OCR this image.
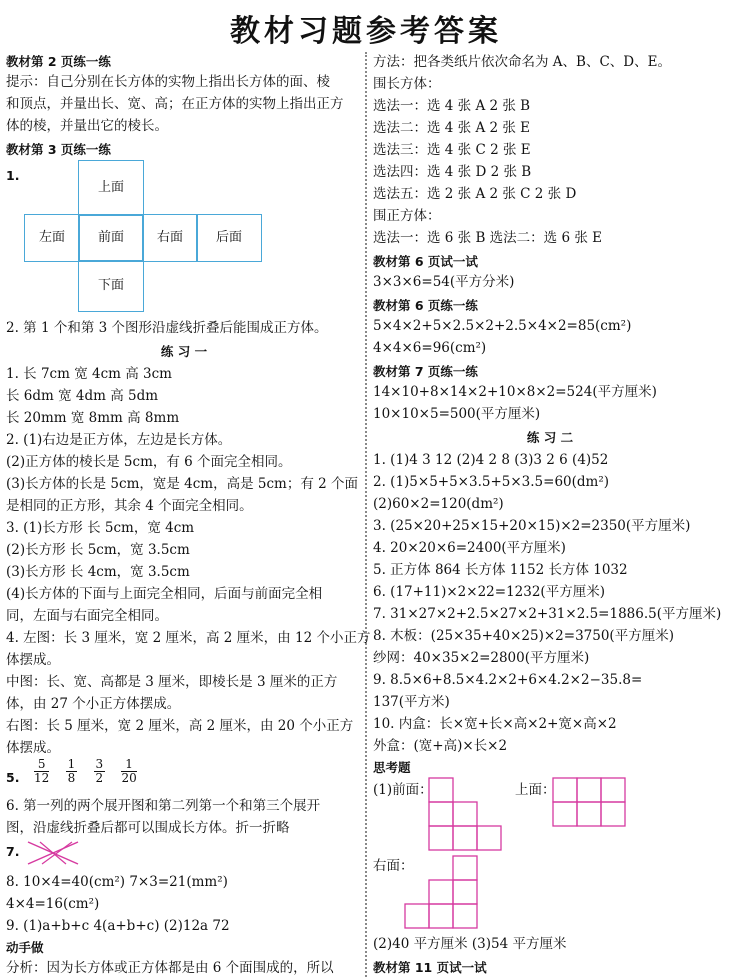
教材习题参考答案
教材第 2 页练一练
提示：自己分别在长方体的实物上指出长方体的面、棱
和顶点，并量出长、宽、高；在正方体的实物上指出正方
体的棱，并量出它的棱长。
教材第 3 页练一练
1.
上面
左面	前面	右面	后面
下面
2. 第 1 个和第 3 个图形沿虚线折叠后能围成正方体。
练 习 一
1. 长 7cm 宽 4cm 高 3cm
长 6dm 宽 4dm 高 5dm
长 20mm 宽 8mm 高 8mm
2. (1)右边是正方体，左边是长方体。
(2)正方体的棱长是 5cm，有 6 个面完全相同。
(3)长方体的长是 5cm，宽是 4cm，高是 5cm；有 2 个面
是相同的正方形，其余 4 个面完全相同。
3. (1)长方形 长 5cm，宽 4cm
(2)长方形 长 5cm，宽 3.5cm
(3)长方形 长 4cm，宽 3.5cm
(4)长方体的下面与上面完全相同，后面与前面完全相
同，左面与右面完全相同。
4. 左图：长 3 厘米，宽 2 厘米，高 2 厘米，由 12 个小正方
体摆成。
中图：长、宽、高都是 3 厘米，即棱长是 3 厘米的正方
体，由 27 个小正方体摆成。
右图：长 5 厘米，宽 2 厘米，高 2 厘米，由 20 个小正方
体摆成。
5. $\frac{5}{12}$
$\frac{1}{8}$
$\frac{3}{2}$
$\frac{1}{20}$
6. 第一列的两个展开图和第二列第一个和第三个展开
图，沿虚线折叠后都可以围成长方体。折一折略
7.
8. 10×4=40(cm²) 7×3=21(mm²)
4×4=16(cm²)
9. (1)a+b+c 4(a+b+c) (2)12a 72
动手做
分析：因为长方体或正方体都是由 6 个面围成的，所以
方法：把各类纸片依次命名为 A、B、C、D、E。
围长方体：
选法一：选 4 张 A 2 张 B
选法二：选 4 张 A 2 张 E
选法三：选 4 张 C 2 张 E
选法四：选 4 张 D 2 张 B
选法五：选 2 张 A 2 张 C 2 张 D
围正方体：
选法一：选 6 张 B 选法二：选 6 张 E
教材第 6 页试一试
3×3×6=54(平方分米)
教材第 6 页练一练
5×4×2+5×2.5×2+2.5×4×2=85(cm²)
4×4×6=96(cm²)
教材第 7 页练一练
14×10+8×14×2+10×8×2=524(平方厘米)
10×10×5=500(平方厘米)
练 习 二
1. (1)4 3 12 (2)4 2 8 (3)3 2 6 (4)52
2. (1)5×5+5×3.5+5×3.5=60(dm²)
(2)60×2=120(dm²)
3. (25×20+25×15+20×15)×2=2350(平方厘米)
4. 20×20×6=2400(平方厘米)
5. 正方体 864 长方体 1152 长方体 1032
6. (17+11)×2×22=1232(平方厘米)
7. 31×27×2+2.5×27×2+31×2.5=1886.5(平方厘米)
8. 木板：(25×35+40×25)×2=3750(平方厘米)
纱网：40×35×2=2800(平方厘米)
9. 8.5×6+8.5×4.2×2+6×4.2×2−35.8=
137(平方米)
10. 内盒：长×宽+长×高×2+宽×高×2
外盒：(宽+高)×长×2
思考题
(1)前面：	上面：
右面：
(2)40 平方厘米 (3)54 平方厘米
教材第 11 页试一试
